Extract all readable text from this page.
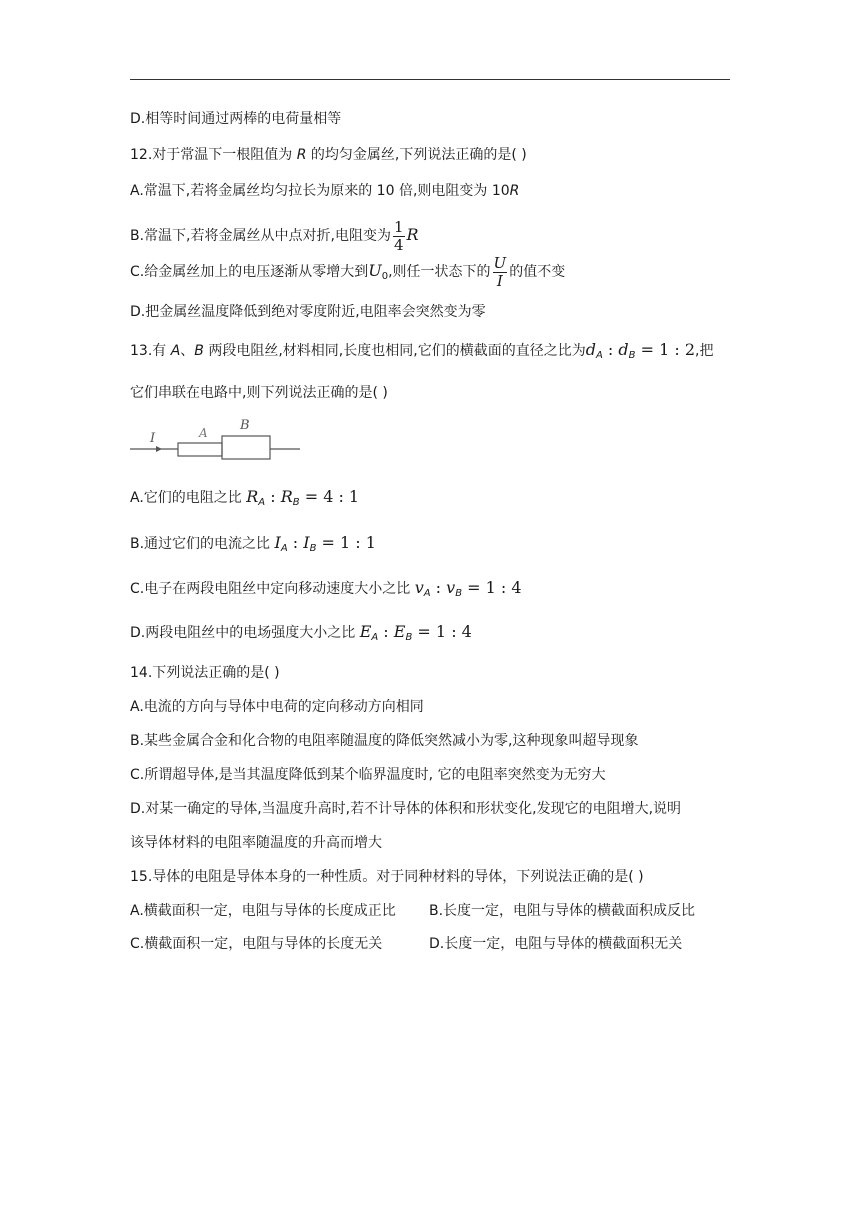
D.相等时间通过两棒的电荷量相等
12.对于常温下一根阻值为 R 的均匀金属丝,下列说法正确的是( )
A.常温下,若将金属丝均匀拉长为原来的 10 倍,则电阻变为 10R
B.常温下,若将金属丝从中点对折,电阻变为 $\frac{1}{4}$ R
C.给金属丝加上的电压逐渐从零增大到$U_0$,则任一状态下的 $\frac{U}{I}$ 的值不变
D.把金属丝温度降低到绝对零度附近,电阻率会突然变为零
13.有 A、B 两段电阻丝,材料相同,长度也相同,它们的横截面的直径之比为$d_A$ : $d_B = 1$ : 2,把
它们串联在电路中,则下列说法正确的是( )
I	A B
A.它们的电阻之比 $R_A$ : $R_B = 4$ : 1
B.通过它们的电流之比 $I_A$ : $I_B = 1$ : 1
C.电子在两段电阻丝中定向移动速度大小之比 $v_A$ : $v_B = 1$ : 4
D.两段电阻丝中的电场强度大小之比 $E_A$ : $E_B = 1$ : 4
14.下列说法正确的是( )
A.电流的方向与导体中电荷的定向移动方向相同
B.某些金属合金和化合物的电阻率随温度的降低突然减小为零,这种现象叫超导现象
C.所谓超导体,是当其温度降低到某个临界温度时, 它的电阻率突然变为无穷大
D.对某一确定的导体,当温度升高时,若不计导体的体积和形状变化,发现它的电阻增大,说明
该导体材料的电阻率随温度的升高而增大
15.导体的电阻是导体本身的一种性质。对于同种材料的导体，下列说法正确的是( )
A.横截面积一定，电阻与导体的长度成正比 B.长度一定，电阻与导体的横截面积成反比
C.横截面积一定，电阻与导体的长度无关	D.长度一定，电阻与导体的横截面积无关
